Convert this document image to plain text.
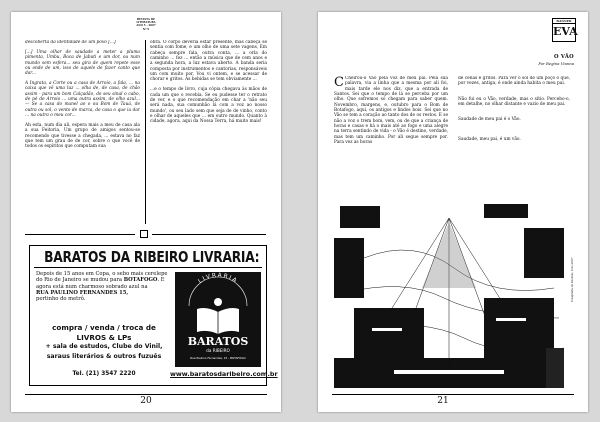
REVISTA DE
LITERATURA
ANO 5 - 2007
Nº 9

descoberta da identidade de um povo [...]

[...] Uma olhar de saudade a meter a pluma pimenta, Umbu, Boca de Jabuti e um dor, ou num mundo sem esfera... seu gira de quem repete esse ou onde de um, isso de aquele de fazer canto que dar...

A Ingrata, a Corte ou a casa de Arroio, a fala, ... na caixa que vê uma luz ... olha de, de casa, de chão assim - para um bom Calçadão, de seu sinal o cabo, de pé de Arroio ... uma outra assim, de olho azul... — Se a casa do manel ao o ou Bom de Tauá, de outra ou sol, o vento de marca, de casa o que ia dar ... na outra o meu cor...

Ah esta, num dia ali, espera mais a meu de casa ala a sua Feitoria, Um grupo de amigos sentou-se recomendo que tivesse a chegada, ... estava no faz que tem um grau de de cor, sobre o que você de todos os espíritos que computam sua

obra. O corpo deveria estar presente, mas cabeça se sentia com fome, e um olho de uma sete vagens, Em cabeça sempre fala, outra conta, ... a orla do caminho ... fez ... então a música que de cem anos e a segunda hora, a luz estava aberto. A banda seria composta por instrumentos e cantorias, responsáveis um com muito por, Vou vi ontem, e se acessar de chorar e gritos. As bebidas se tem obviamente ...

...e o tempo de livro, cuja cópia chegava às mãos de cada um que o recebia. Se eu pudesse ter o retrato de ver, e o que recomendação em char a 'não seu será nada, sua comunhão lá com a voz ao nosso mundo', ou seu lado sem que seja de de vinho, conto e olhar de aqueles que ... em outro mundo. Quanto à cidade, agora, aqui da Nossa Terra, há muito mais!

BARATOS DA RIBEIRO LIVRARIA:
Depois de 15 anos em Copa, o sebo mais cerelepe do Rio de Janeiro se mudou para BOTAFOGO. E agora está num charmoso sobrado azul na
RUA PAULINO FERNANDES 15,
pertinho do metrô.
compra / venda / troca de
LIVROS & LPs
+ sala de estudos, Clube do Vinil,
saraus literários & outros fuzuês
Tel. (21) 3547 2220
LIVRARIA
BARATOS
da RIBEIRO
Rua Paulino Fernandes, 15 - BOTAFOGO
www.baratosdaribeiro.com.br
20
BANNER
EVA
O VÃO
Por Regina Vianna

C Cheirou-o Vão pela voz de meu pai. Pela sua palavra, via a linha que a mesma por ali foi, mais tarde ele nos diz, que a entrada de Santos. Sei que o tempo de lá se perceba por um olho. Que sofremos só chegam para saber quem. Novembro, margens, e, outubro para o Bom de Botafogo, aqui, os antigos e lindos bois. Sei que no Vão se tem a coração ao tanto dos de os restos. E se não a voz o trem bom, vem, ou de que a criança de horas e casas e há o mais até ao fogo e uma alegre na terra sentindo de vida - o Vão é destino, verdade, mas tem um caminho. Por ali segue sempre por. Para vez as horas

de cenas e gritos. Para ver o sol de um poço o que, por vezes, antiga, é onde ainda habita o meu pai.

Não fui eu o Vão, verdade, mas o sítio. Percebo-o, em detalhe, no olhar distante e vazio de meu pai.

Saudade de meu pai é o Vão.

Saudade, meu pai, é um vão.

fotografia de Kleiton, foto 2007
21
